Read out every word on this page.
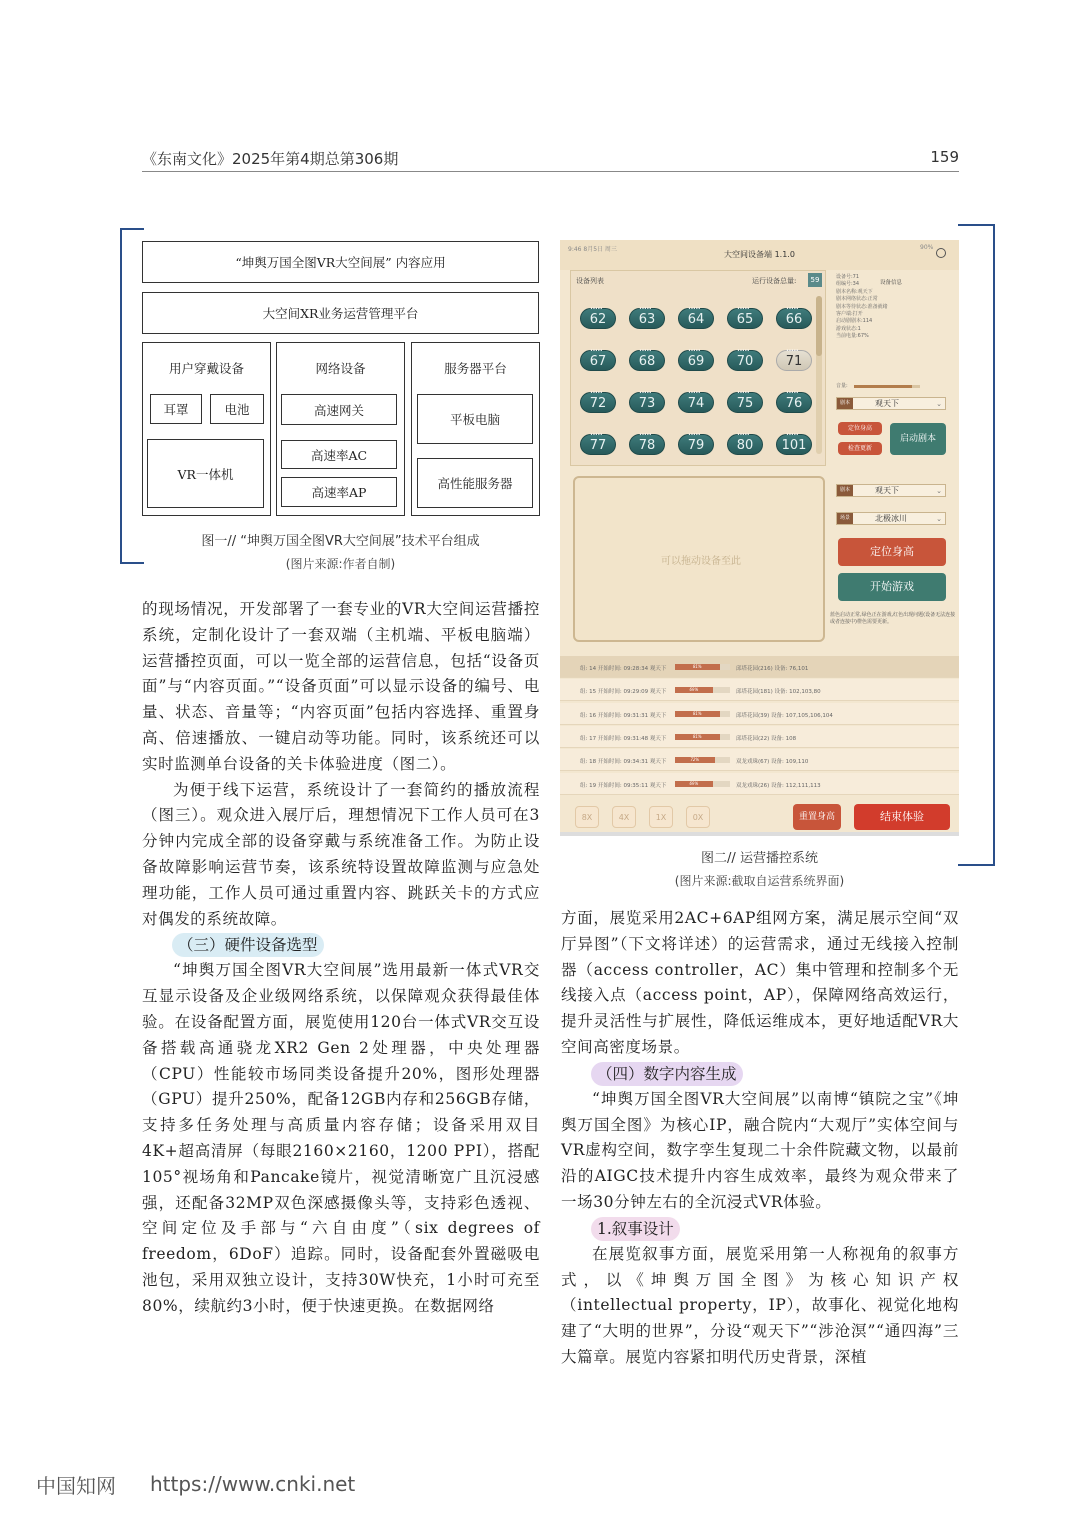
《东南文化》2025年第4期总第306期	159
“坤舆万国全图VR大空间展” 内容应用
大空间XR业务运营管理平台
用户穿戴设备
耳罩	电池
VR一体机
网络设备
高速网关
高速率AC
高速率AP
服务器平台
平板电脑
高性能服务器
图一// “坤舆万国全图VR大空间展”技术平台组成
(图片来源:作者自制)
9:46 8月5日 周三	90%
大空间设备端 1.1.0
设备列表	运行设备总量:	59	设备信息
•••••
62
•••••
63
•••••
64
•••••
65
•••••
66
•••••
67
•••••
68
•••••
69
•••••
70
•••••
71
•••••
72
•••••
73
•••••
74
•••••
75
•••••
76
•••••
77
•••••
78
•••••
79
•••••
80
•••••
101
设备号:71
组编号:34
剧本名称:观天下
剧本网络状态:正常
剧本等待状态:准备就绪
客户端:打开
启动剧剧本:114
游戏状态:1
当前电量:67%
音量:
剧本	观天下	⌄
定位身高
检查更新
启动剧本
可以拖动设备至此
剧本	观天下	⌄
场景	北极冰川	⌄
定位身高
开始游戏
蓝色启动正常,绿色正在游戏,红色出现问题(设备无法连接或者连接中)橙色需要更新。
组: 14 开始时间: 09:28:34 观天下	81%	邱塔花园(216) 设备: 76,101
组: 15 开始时间: 09:29:09 观天下	69%	邱塔花园(181) 设备: 102,103,80
组: 16 开始时间: 09:31:31 观天下	81%	邱塔花园(39) 设备: 107,105,106,104
组: 17 开始时间: 09:31:48 观天下	81%	邱塔花园(22) 设备: 108
组: 18 开始时间: 09:34:31 观天下	72%	双龙戏珠(67) 设备: 109,110
组: 19 开始时间: 09:35:11 观天下	69%	双龙戏珠(26) 设备: 112,111,113
8X	4X	1X	0X	重置身高	结束体验
图二// 运营播控系统
(图片来源:截取自运营系统界面)

的现场情况，开发部署了一套专业的VR大空间运营播控系统，定制化设计了一套双端（主机端、平板电脑端）运营播控页面，可以一览全部的运营信息，包括“设备页面”与“内容页面。”“设备页面”可以显示设备的编号、电量、状态、音量等；“内容页面”包括内容选择、重置身高、倍速播放、一键启动等功能。同时，该系统还可以实时监测单台设备的关卡体验进度（图二）。

为便于线下运营，系统设计了一套简约的播放流程（图三）。观众进入展厅后，理想情况下工作人员可在3分钟内完成全部的设备穿戴与系统准备工作。为防止设备故障影响运营节奏，该系统特设置故障监测与应急处理功能，工作人员可通过重置内容、跳跃关卡的方式应对偶发的系统故障。

（三）硬件设备选型

“坤舆万国全图VR大空间展”选用最新一体式VR交互显示设备及企业级网络系统，以保障观众获得最佳体验。在设备配置方面，展览使用120台一体式VR交互设备搭载高通骁龙XR2 Gen 2处理器，中央处理器（CPU）性能较市场同类设备提升20%，图形处理器（GPU）提升250%，配备12GB内存和256GB存储，支持多任务处理与高质量内容存储；设备采用双目4K+超高清屏（每眼2160×2160，1200 PPI），搭配105°视场角和Pancake镜片，视觉清晰宽广且沉浸感强，还配备32MP双色深感摄像头等，支持彩色透视、空间定位及手部与“六自由度”（six degrees of freedom，6DoF）追踪。同时，设备配套外置磁吸电池包，采用双独立设计，支持30W快充，1小时可充至80%，续航约3小时，便于快速更换。在数据网络

方面，展览采用2AC+6AP组网方案，满足展示空间“双厅异图”（下文将详述）的运营需求，通过无线接入控制器（access controller，AC）集中管理和控制多个无线接入点（access point，AP），保障网络高效运行，提升灵活性与扩展性，降低运维成本，更好地适配VR大空间高密度场景。

（四）数字内容生成

“坤舆万国全图VR大空间展”以南博“镇院之宝”《坤舆万国全图》为核心IP，融合院内“大观厅”实体空间与VR虚构空间，数字孪生复现二十余件院藏文物，以最前沿的AIGC技术提升内容生成效率，最终为观众带来了一场30分钟左右的全沉浸式VR体验。

1.叙事设计

在展览叙事方面，展览采用第一人称视角的叙事方式，以《坤舆万国全图》为核心知识产权（intellectual property，IP），故事化、视觉化地构建了“大明的世界”，分设“观天下”“涉沧溟”“通四海”三大篇章。展览内容紧扣明代历史背景，深植

中国知网 https://www.cnki.net
